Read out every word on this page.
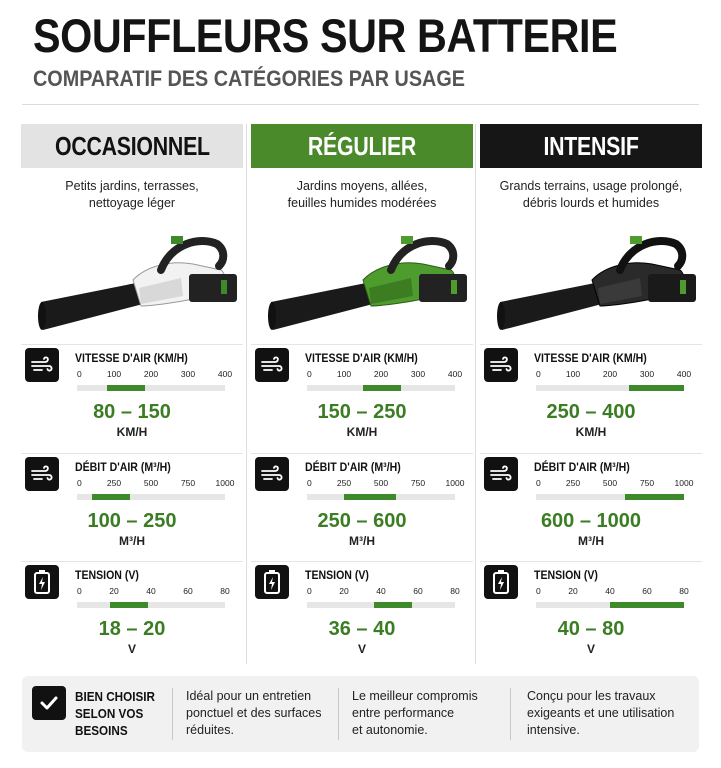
SOUFFLEURS SUR BATTERIE
COMPARATIF DES CATÉGORIES PAR USAGE
OCCASIONNEL
Petits jardins, terrasses,
nettoyage léger
VITESSE D'AIR (KM/H)
0	100	200	300	400
80 – 150
KM/H
DÉBIT D'AIR (M³/H)
0	250	500	750 1000
100 – 250
M³/H
TENSION (V)
0	20	40	60	80
18 – 20
V
RÉGULIER
Jardins moyens, allées,
feuilles humides modérées
VITESSE D'AIR (KM/H)
0	100	200	300	400
150 – 250
KM/H
DÉBIT D'AIR (M³/H)
0	250	500	750 1000
250 – 600
M³/H
TENSION (V)
0	20	40	60	80
36 – 40
V
INTENSIF
Grands terrains, usage prolongé,
débris lourds et humides
VITESSE D'AIR (KM/H)
0	100	200	300	400
250 – 400
KM/H
DÉBIT D'AIR (M³/H)
0	250	500	750 1000
600 – 1000
M³/H
TENSION (V)
0	20	40	60	80
40 – 80
V
BIEN CHOISIR
SELON VOS
BESOINS
Idéal pour un entretien
ponctuel et des surfaces
réduites.
Le meilleur compromis
entre performance
et autonomie.
Conçu pour les travaux
exigeants et une utilisation
intensive.
